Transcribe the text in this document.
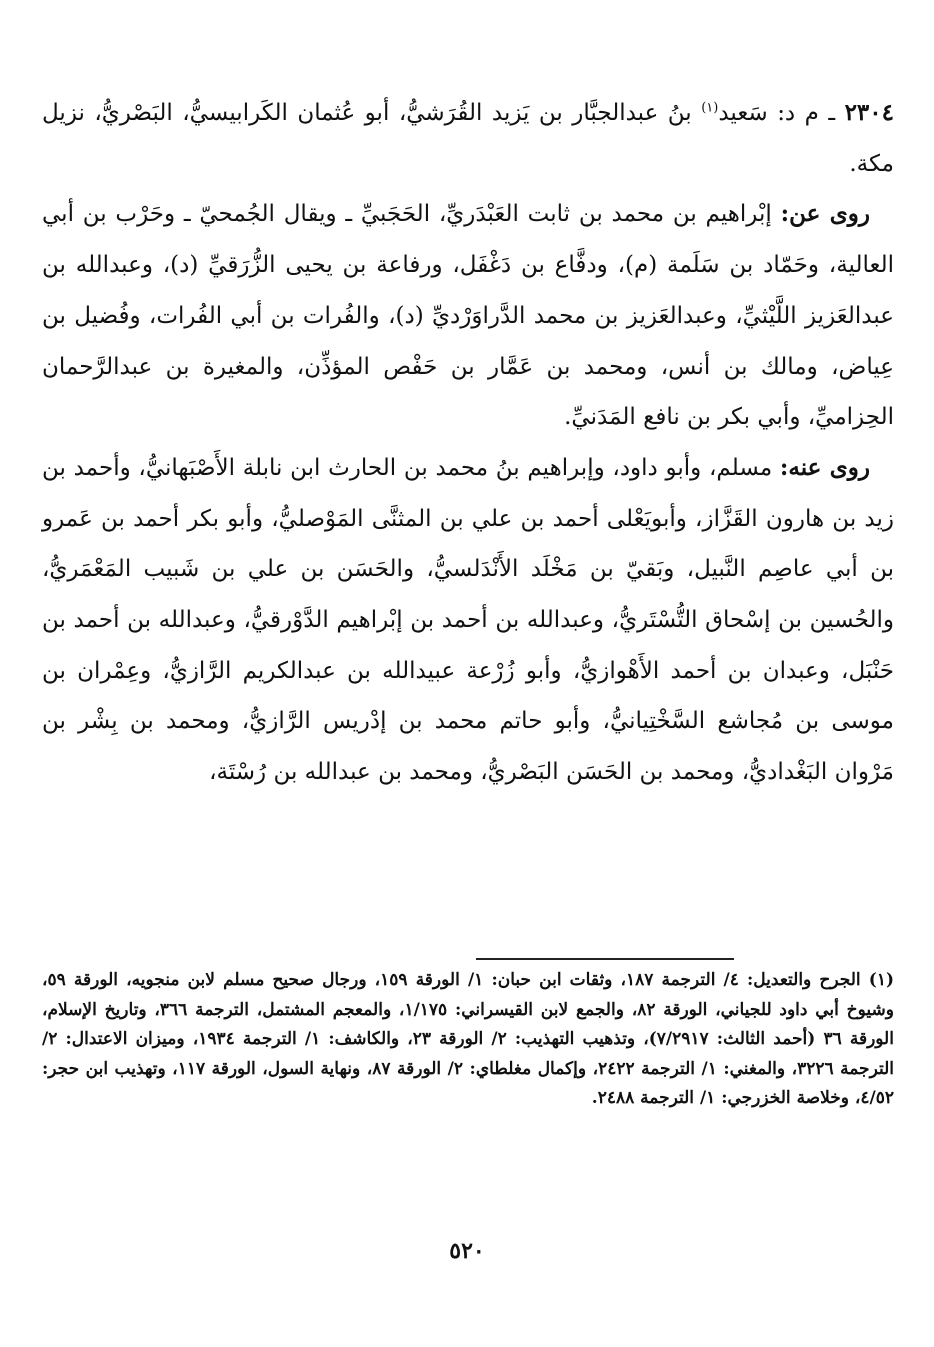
٢٣٠٤ ـ م د: سَعيد$^{(١)}$ بنُ عبدالجبَّار بن يَزيد القُرَشيُّ، أبو عُثمان الكَرابيسيُّ، البَصْريُّ، نزيل مكة.

روى عن: إبْراهيم بن محمد بن ثابت العَبْدَريِّ، الحَجَبيِّ ـ ويقال الجُمحيّ ـ وحَرْب بن أبي العالية، وحَمّاد بن سَلَمة (م)، ودفَّاع بن دَغْفَل، ورفاعة بن يحيى الزُّرَقيِّ (د)، وعبدالله بن عبدالعَزيز اللَّيْثيِّ، وعبدالعَزيز بن محمد الدَّراوَرْديِّ (د)، والفُرات بن أبي الفُرات، وفُضيل بن عِياض، ومالك بن أنس، ومحمد بن عَمَّار بن حَفْص المؤذِّن، والمغيرة بن عبدالرَّحمان الحِزاميِّ، وأبي بكر بن نافع المَدَنيِّ.

روى عنه: مسلم، وأبو داود، وإبراهيم بنُ محمد بن الحارث ابن نابلة الأَصْبَهانيُّ، وأحمد بن زيد بن هارون القَزَّاز، وأبويَعْلى أحمد بن علي بن المثنَّى المَوْصليُّ، وأبو بكر أحمد بن عَمرو بن أبي عاصِم النَّبيل، وبَقيّ بن مَخْلَد الأَنْدَلسيُّ، والحَسَن بن علي بن شَبيب المَعْمَريُّ، والحُسين بن إسْحاق التُّسْتَريُّ، وعبدالله بن أحمد بن إبْراهيم الدَّوْرقيُّ، وعبدالله بن أحمد بن حَنْبَل، وعبدان بن أحمد الأَهْوازيُّ، وأبو زُرْعة عبيدالله بن عبدالكريم الرَّازيُّ، وعِمْران بن موسى بن مُجاشع السَّخْتِيانيُّ، وأبو حاتم محمد بن إدْريس الرَّازيُّ، ومحمد بن بِشْر بن مَرْوان البَغْداديُّ، ومحمد بن الحَسَن البَصْريُّ، ومحمد بن عبدالله بن رُسْتَة،

(١) الجرح والتعديل: ٤/ الترجمة ١٨٧، وثقات ابن حبان: ١/ الورقة ١٥٩، ورجال صحيح مسلم لابن منجويه، الورقة ٥٩، وشيوخ أبي داود للجياني، الورقة ٨٢، والجمع لابن القيسراني: ١/١٧٥، والمعجم المشتمل، الترجمة ٣٦٦، وتاريخ الإسلام، الورقة ٣٦ (أحمد الثالث: ٧/٢٩١٧)، وتذهيب التهذيب: ٢/ الورقة ٢٣، والكاشف: ١/ الترجمة ١٩٣٤، وميزان الاعتدال: ٢/ الترجمة ٣٢٢٦، والمغني: ١/ الترجمة ٢٤٢٢، وإكمال مغلطاي: ٢/ الورقة ٨٧، ونهاية السول، الورقة ١١٧، وتهذيب ابن حجر: ٤/٥٢، وخلاصة الخزرجي: ١/ الترجمة ٢٤٨٨.
٥٢٠
